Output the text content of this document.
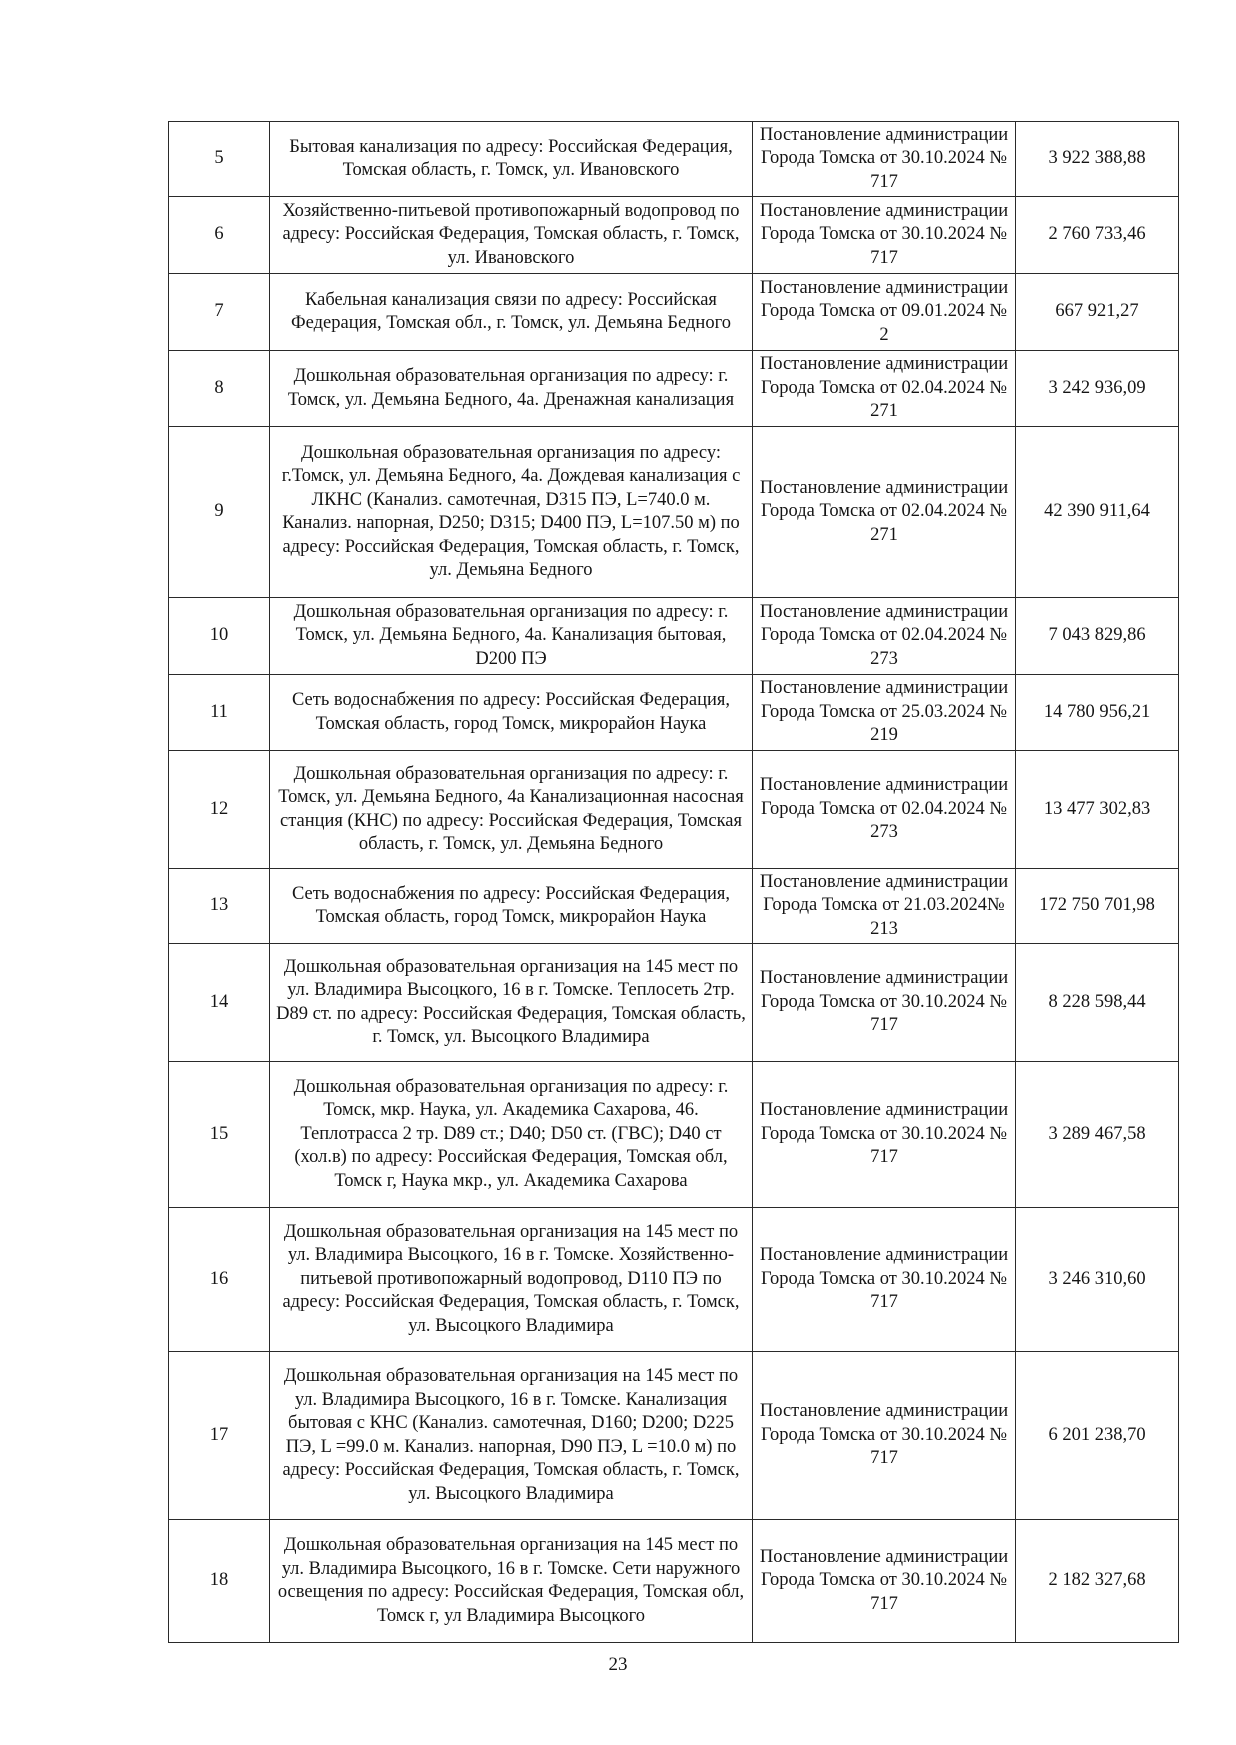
5	Бытовая канализация по адресу: Российская Федерация, Томская область, г. Томск, ул. Ивановского	Постановление администрации Города Томска от 30.10.2024 № 717	3 922 388,88
6	Хозяйственно-питьевой противопожарный водопровод по адресу: Российская Федерация, Томская область, г. Томск, ул. Ивановского	Постановление администрации Города Томска от 30.10.2024 № 717	2 760 733,46
7	Кабельная канализация связи по адресу: Российская Федерация, Томская обл., г. Томск, ул. Демьяна Бедного	Постановление администрации Города Томска от 09.01.2024 № 2	667 921,27
8	Дошкольная образовательная организация по адресу: г. Томск, ул. Демьяна Бедного, 4а. Дренажная канализация	Постановление администрации Города Томска от 02.04.2024 № 271	3 242 936,09
9	Дошкольная образовательная организация по адресу: г.Томск, ул. Демьяна Бедного, 4а. Дождевая канализация с ЛКНС (Канализ. самотечная, D315 ПЭ, L=740.0 м. Канализ. напорная, D250; D315; D400 ПЭ, L=107.50 м) по адресу: Российская Федерация, Томская область, г. Томск, ул. Демьяна Бедного	Постановление администрации Города Томска от 02.04.2024 № 271	42 390 911,64
10	Дошкольная образовательная организация по адресу: г. Томск, ул. Демьяна Бедного, 4а. Канализация бытовая, D200 ПЭ	Постановление администрации Города Томска от 02.04.2024 № 273	7 043 829,86
11	Сеть водоснабжения по адресу: Российская Федерация, Томская область, город Томск, микрорайон Наука	Постановление администрации Города Томска от 25.03.2024 № 219	14 780 956,21
12	Дошкольная образовательная организация по адресу: г. Томск, ул. Демьяна Бедного, 4а Канализационная насосная станция (КНС) по адресу: Российская Федерация, Томская область, г. Томск, ул. Демьяна Бедного	Постановление администрации Города Томска от 02.04.2024 № 273	13 477 302,83
13	Сеть водоснабжения по адресу: Российская Федерация, Томская область, город Томск, микрорайон Наука	Постановление администрации Города Томска от 21.03.2024№ 213	172 750 701,98
14	Дошкольная образовательная организация на 145 мест по ул. Владимира Высоцкого, 16 в г. Томске. Теплосеть 2тр. D89 ст. по адресу: Российская Федерация, Томская область, г. Томск, ул. Высоцкого Владимира	Постановление администрации Города Томска от 30.10.2024 № 717	8 228 598,44
15	Дошкольная образовательная организация по адресу: г. Томск, мкр. Наука, ул. Академика Сахарова, 46. Теплотрасса 2 тр. D89 ст.; D40; D50 ст. (ГВС); D40 ст (хол.в) по адресу: Российская Федерация, Томская обл, Томск г, Наука мкр., ул. Академика Сахарова	Постановление администрации Города Томска от 30.10.2024 № 717	3 289 467,58
16	Дошкольная образовательная организация на 145 мест по ул. Владимира Высоцкого, 16 в г. Томске. Хозяйственно-питьевой противопожарный водопровод, D110 ПЭ по адресу: Российская Федерация, Томская область, г. Томск, ул. Высоцкого Владимира	Постановление администрации Города Томска от 30.10.2024 № 717	3 246 310,60
17	Дошкольная образовательная организация на 145 мест по ул. Владимира Высоцкого, 16 в г. Томске. Канализация бытовая с КНС (Канализ. самотечная, D160; D200; D225 ПЭ, L =99.0 м. Канализ. напорная, D90 ПЭ, L =10.0 м) по адресу: Российская Федерация, Томская область, г. Томск, ул. Высоцкого Владимира	Постановление администрации Города Томска от 30.10.2024 № 717	6 201 238,70
18	Дошкольная образовательная организация на 145 мест по ул. Владимира Высоцкого, 16 в г. Томске. Сети наружного освещения по адресу: Российская Федерация, Томская обл, Томск г, ул Владимира Высоцкого	Постановление администрации Города Томска от 30.10.2024 № 717	2 182 327,68
23
